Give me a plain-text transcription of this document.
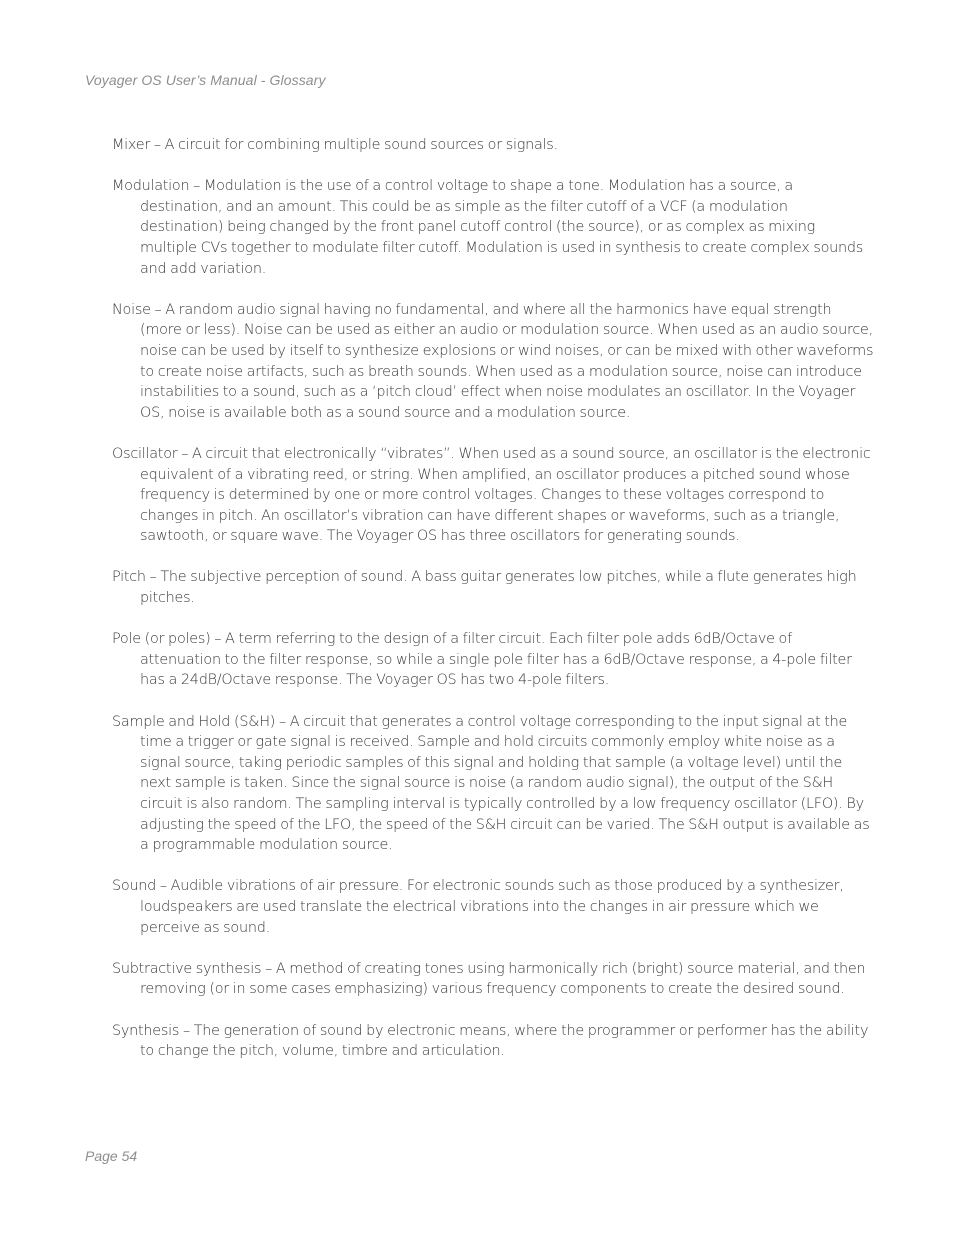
Voyager OS User’s Manual - Glossary

Mixer – A circuit for combining multiple sound sources or signals.

Modulation – Modulation is the use of a control voltage to shape a tone. Modulation has a source, a destination, and an amount. This could be as simple as the filter cutoff of a VCF (a modulation destination) being changed by the front panel cutoff control (the source), or as complex as mixing multiple CVs together to modulate filter cutoff. Modulation is used in synthesis to create complex sounds and add variation.

Noise – A random audio signal having no fundamental, and where all the harmonics have equal strength (more or less). Noise can be used as either an audio or modulation source. When used as an audio source, noise can be used by itself to synthesize explosions or wind noises, or can be mixed with other waveforms to create noise artifacts, such as breath sounds. When used as a modulation source, noise can introduce instabilities to a sound, such as a ‘pitch cloud’ effect when noise modulates an oscillator. In the Voyager OS, noise is available both as a sound source and a modulation source.

Oscillator – A circuit that electronically “vibrates”. When used as a sound source, an oscillator is the electronic equivalent of a vibrating reed, or string. When amplified, an oscillator produces a pitched sound whose frequency is determined by one or more control voltages. Changes to these voltages correspond to changes in pitch. An oscillator’s vibration can have different shapes or waveforms, such as a triangle, sawtooth, or square wave. The Voyager OS has three oscillators for generating sounds.

Pitch – The subjective perception of sound. A bass guitar generates low pitches, while a flute generates high pitches.

Pole (or poles) – A term referring to the design of a filter circuit. Each filter pole adds 6dB/Octave of attenuation to the filter response, so while a single pole filter has a 6dB/Octave response, a 4-pole filter has a 24dB/Octave response. The Voyager OS has two 4-pole filters.

Sample and Hold (S&H) – A circuit that generates a control voltage corresponding to the input signal at the time a trigger or gate signal is received. Sample and hold circuits commonly employ white noise as a signal source, taking periodic samples of this signal and holding that sample (a voltage level) until the next sample is taken. Since the signal source is noise (a random audio signal), the output of the S&H circuit is also random. The sampling interval is typically controlled by a low frequency oscillator (LFO). By adjusting the speed of the LFO, the speed of the S&H circuit can be varied. The S&H output is available as a programmable modulation source.

Sound – Audible vibrations of air pressure. For electronic sounds such as those produced by a synthesizer, loudspeakers are used translate the electrical vibrations into the changes in air pressure which we perceive as sound.

Subtractive synthesis – A method of creating tones using harmonically rich (bright) source material, and then removing (or in some cases emphasizing) various frequency components to create the desired sound.

Synthesis – The generation of sound by electronic means, where the programmer or performer has the ability to change the pitch, volume, timbre and articulation.

Page 54
